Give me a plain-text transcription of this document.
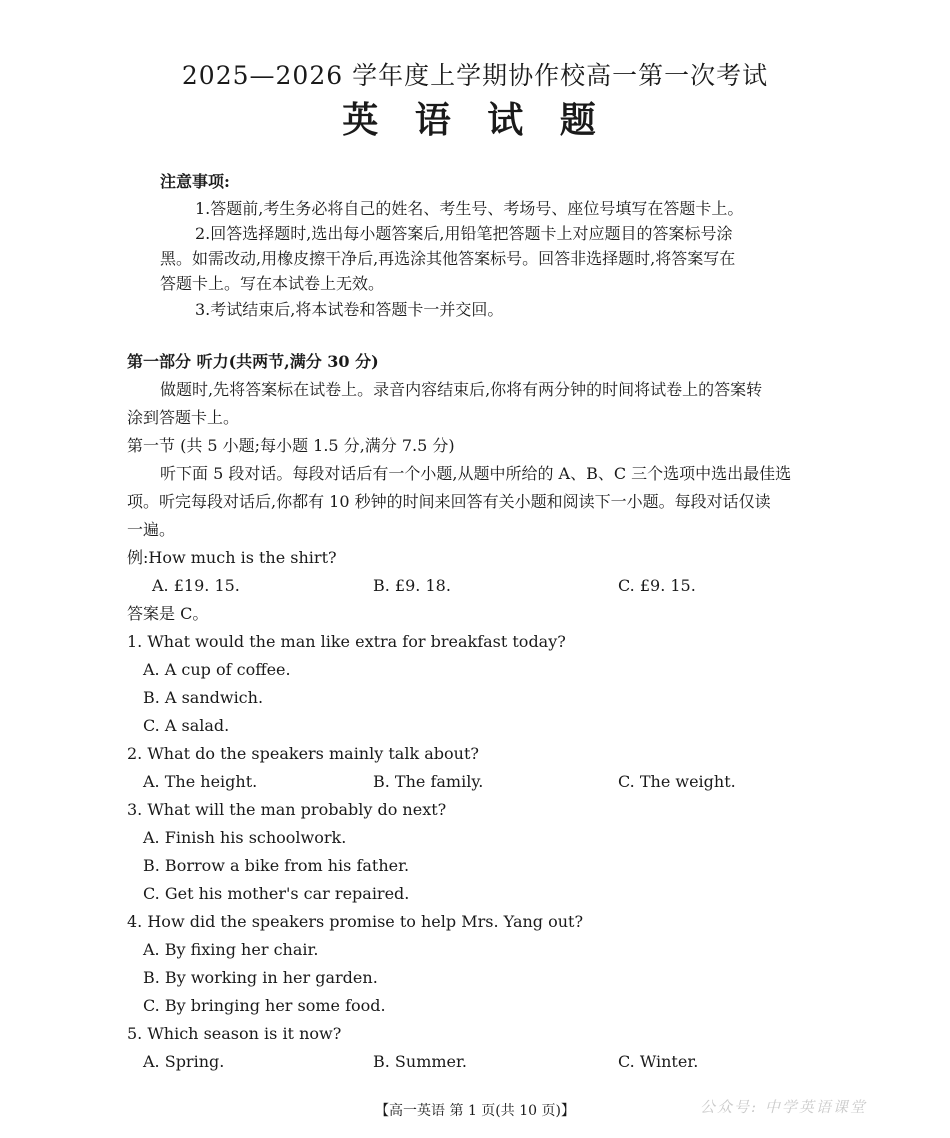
2025—2026 学年度上学期协作校高一第一次考试
英 语 试 题
注意事项:
1.答题前,考生务必将自己的姓名、考生号、考场号、座位号填写在答题卡上。
2.回答选择题时,选出每小题答案后,用铅笔把答题卡上对应题目的答案标号涂
黑。如需改动,用橡皮擦干净后,再选涂其他答案标号。回答非选择题时,将答案写在
答题卡上。写在本试卷上无效。
3.考试结束后,将本试卷和答题卡一并交回。
第一部分 听力(共两节,满分 30 分)
做题时,先将答案标在试卷上。录音内容结束后,你将有两分钟的时间将试卷上的答案转
涂到答题卡上。
第一节 (共 5 小题;每小题 1.5 分,满分 7.5 分)
听下面 5 段对话。每段对话后有一个小题,从题中所给的 A、B、C 三个选项中选出最佳选
项。听完每段对话后,你都有 10 秒钟的时间来回答有关小题和阅读下一小题。每段对话仅读
一遍。
例:How much is the shirt?
A. £19. 15.	B. £9. 18.	C. £9. 15.
答案是 C。
1. What would the man like extra for breakfast today?
A. A cup of coffee.
B. A sandwich.
C. A salad.
2. What do the speakers mainly talk about?
A. The height.	B. The family.	C. The weight.
3. What will the man probably do next?
A. Finish his schoolwork.
B. Borrow a bike from his father.
C. Get his mother's car repaired.
4. How did the speakers promise to help Mrs. Yang out?
A. By fixing her chair.
B. By working in her garden.
C. By bringing her some food.
5. Which season is it now?
A. Spring.	B. Summer.	C. Winter.
【高一英语 第 1 页(共 10 页)】	公众号: 中学英语课堂
